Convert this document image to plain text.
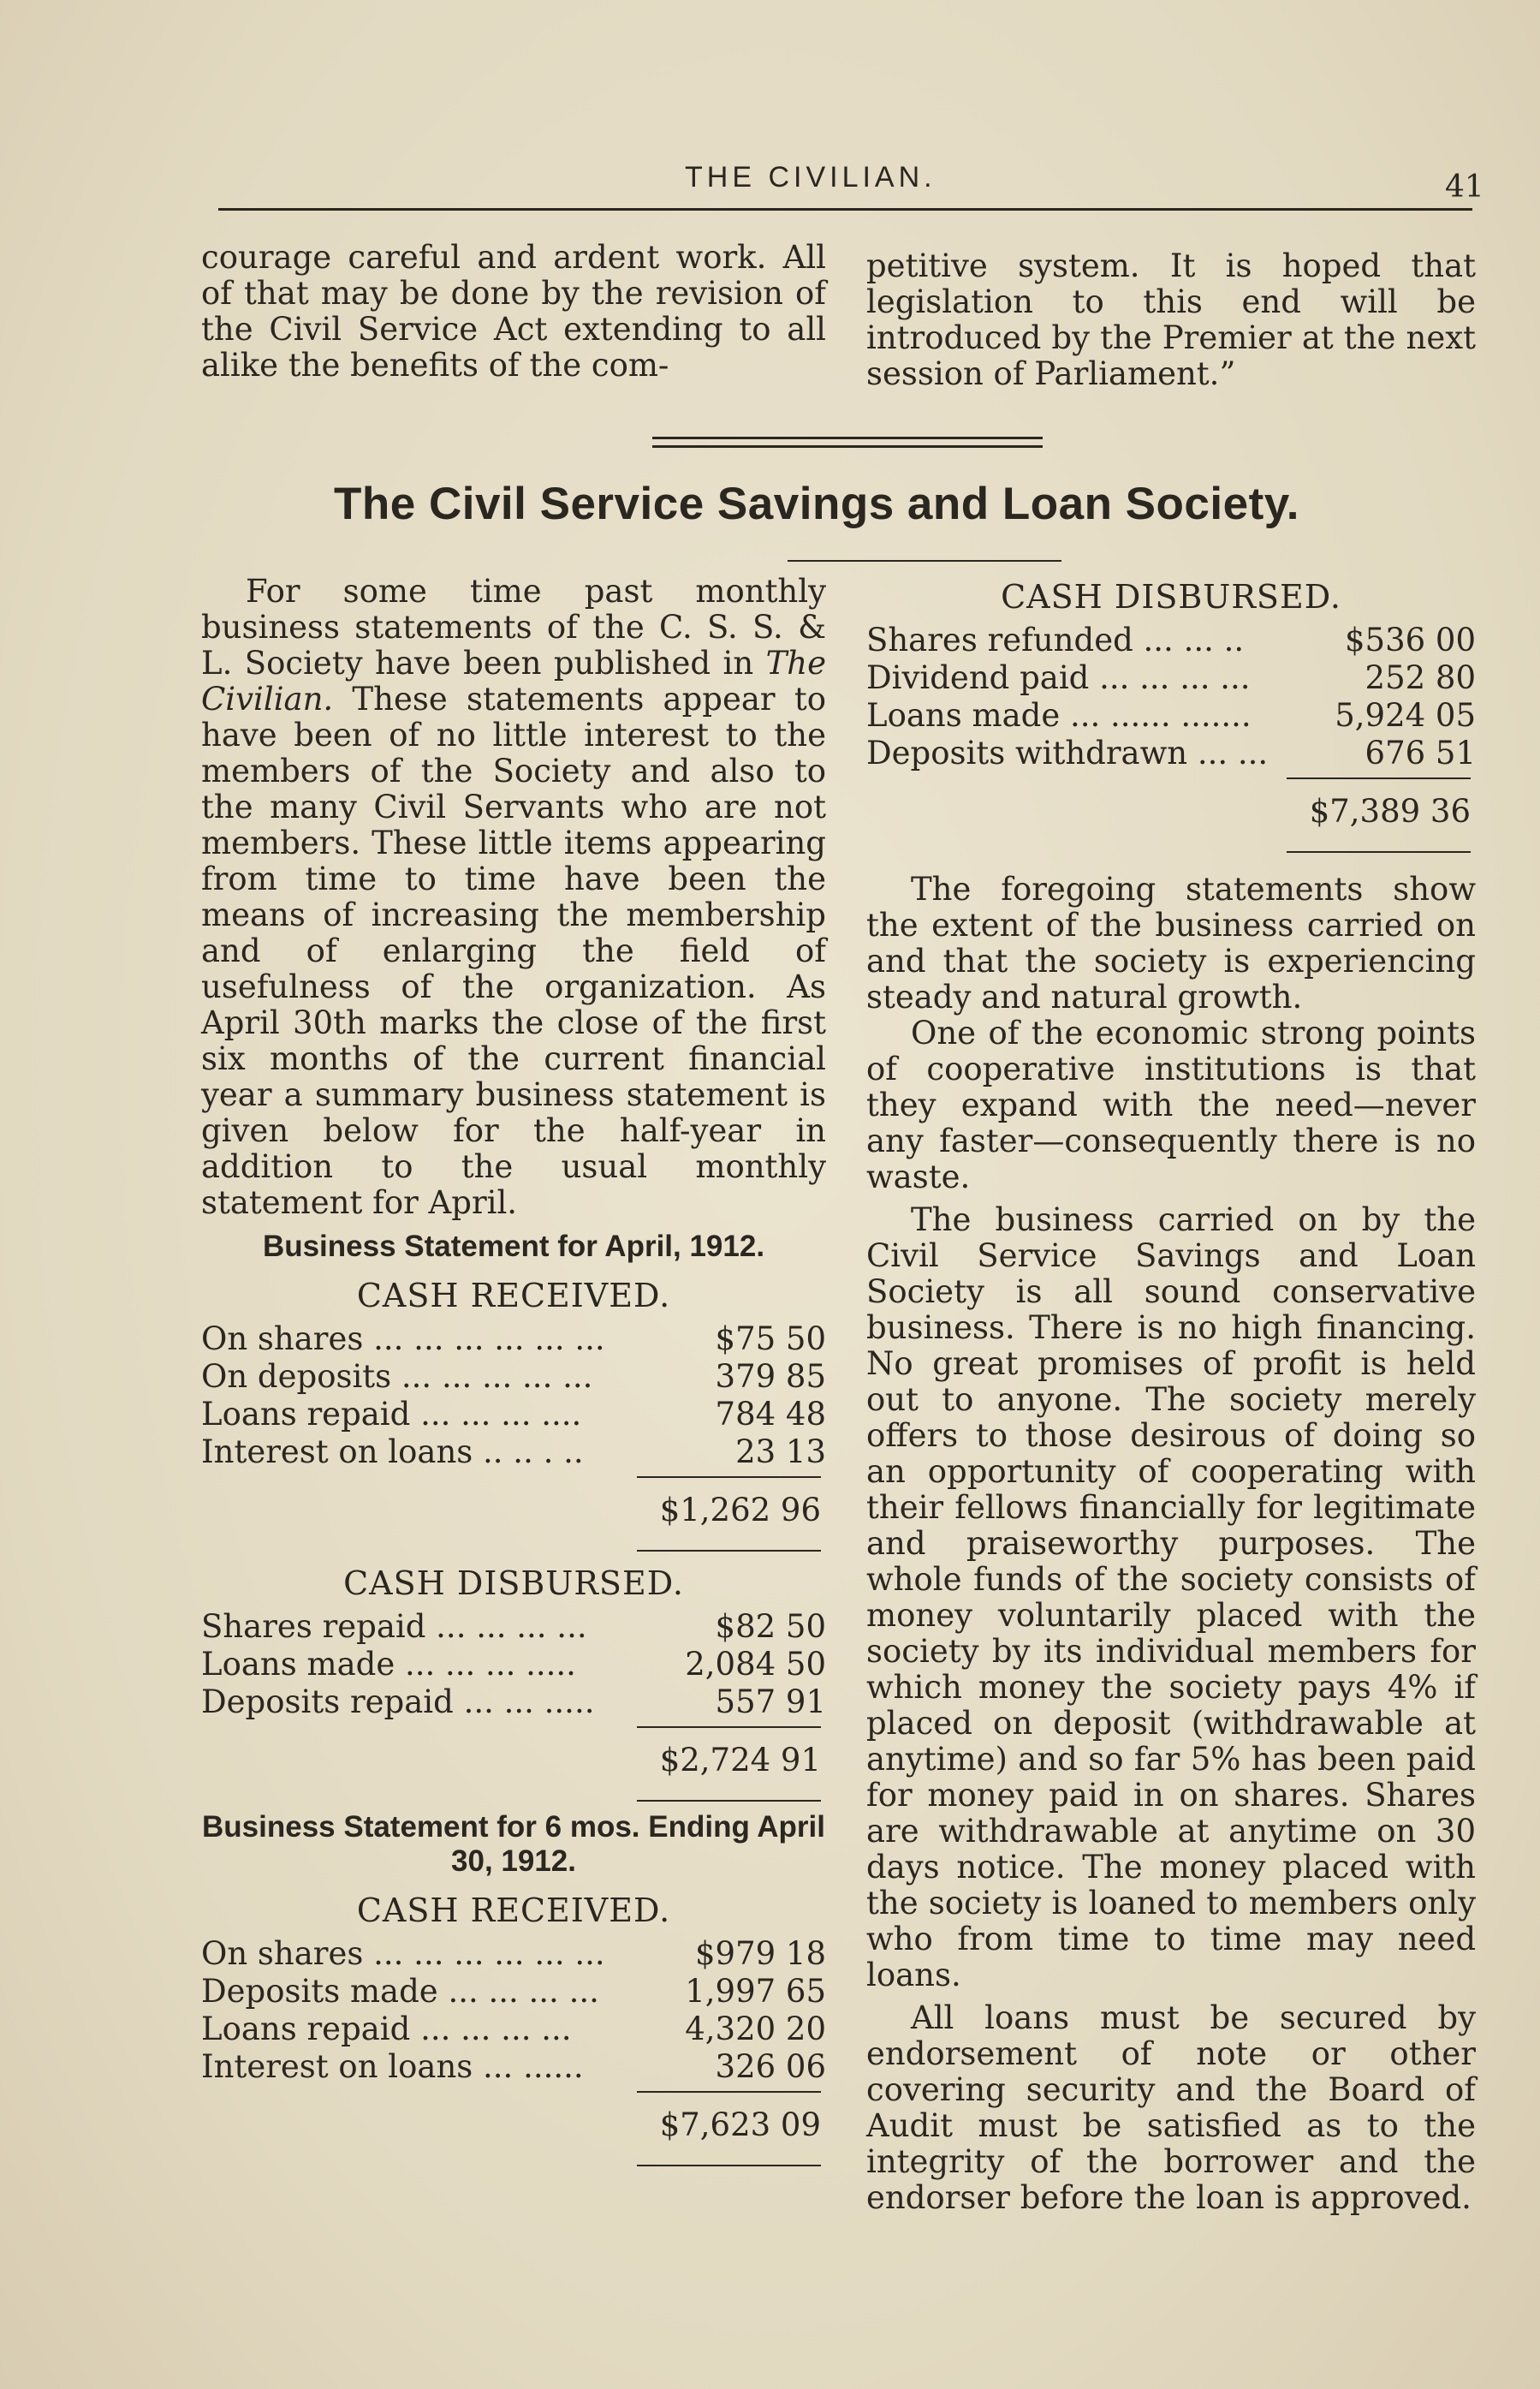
THE CIVILIAN.	41

courage careful and ardent work. All of that may be done by the revision of the Civil Service Act extending to all alike the benefits of the com-

petitive system. It is hoped that legislation to this end will be introduced by the Premier at the next session of Parliament.”

The Civil Service Savings and Loan Society.

For some time past monthly business statements of the C. S. S. & L. Society have been published in The Civilian. These statements appear to have been of no little interest to the members of the Society and also to the many Civil Servants who are not members. These little items appearing from time to time have been the means of increasing the membership and of enlarging the field of usefulness of the organization. As April 30th marks the close of the first six months of the current financial year a summary business statement is given below for the half-year in addition to the usual monthly statement for April.

Business Statement for April, 1912.
CASH RECEIVED.
On shares ... ... ... ... ... ...	$75 50
On deposits ... ... ... ... ...	379 85
Loans repaid ... ... ... ....	784 48
Interest on loans .. .. . ..	23 13
$1,262 96
CASH DISBURSED.
Shares repaid ... ... ... ...	$82 50
Loans made ... ... ... .....	2,084 50
Deposits repaid ... ... .....	557 91
$2,724 91
Business Statement for 6 mos. Ending April 30, 1912.
CASH RECEIVED.
On shares ... ... ... ... ... ...	$979 18
Deposits made ... ... ... ...	1,997 65
Loans repaid ... ... ... ...	4,320 20
Interest on loans ... ......	326 06
$7,623 09
CASH DISBURSED.
Shares refunded ... ... ..	$536 00
Dividend paid ... ... ... ...	252 80
Loans made ... ...... .......	5,924 05
Deposits withdrawn ... ...	676 51
$7,389 36

The foregoing statements show the extent of the business carried on and that the society is experiencing steady and natural growth.

One of the economic strong points of cooperative institutions is that they expand with the need—never any faster—consequently there is no waste.

The business carried on by the Civil Service Savings and Loan Society is all sound conservative business. There is no high financing. No great promises of profit is held out to anyone. The society merely offers to those desirous of doing so an opportunity of cooperating with their fellows financially for legitimate and praiseworthy purposes. The whole funds of the society consists of money voluntarily placed with the society by its individual members for which money the society pays 4% if placed on deposit (withdrawable at anytime) and so far 5% has been paid for money paid in on shares. Shares are withdrawable at anytime on 30 days notice. The money placed with the society is loaned to members only who from time to time may need loans.

All loans must be secured by endorsement of note or other covering security and the Board of Audit must be satisfied as to the integrity of the borrower and the endorser before the loan is approved.
